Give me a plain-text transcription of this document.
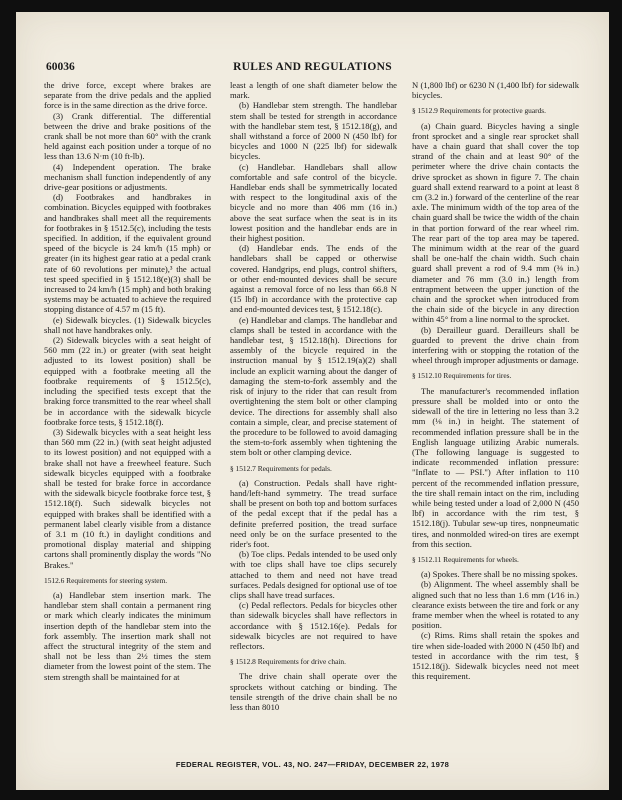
60036	RULES AND REGULATIONS

the drive force, except where brakes are separate from the drive pedals and the applied force is in the same direction as the drive force.

(3) Crank differential. The differential between the drive and brake positions of the crank shall be not more than 60° with the crank held against each position under a torque of no less than 13.6 N·m (10 ft-lb).

(4) Independent operation. The brake mechanism shall function independently of any drive-gear positions or adjustments.

(d) Footbrakes and handbrakes in combination. Bicycles equipped with footbrakes and handbrakes shall meet all the requirements for footbrakes in § 1512.5(c), including the tests specified. In addition, if the equivalent ground speed of the bicycle is 24 km/h (15 mph) or greater (in its highest gear ratio at a pedal crank rate of 60 revolutions per minute),³ the actual test speed specified in § 1512.18(e)(3) shall be increased to 24 km/h (15 mph) and both braking systems may be actuated to achieve the required stopping distance of 4.57 m (15 ft).

(e) Sidewalk bicycles. (1) Sidewalk bicycles shall not have handbrakes only.

(2) Sidewalk bicycles with a seat height of 560 mm (22 in.) or greater (with seat height adjusted to its lowest position) shall be equipped with a footbrake meeting all the footbrake requirements of § 1512.5(c), including the specified tests except that the braking force transmitted to the rear wheel shall be in accordance with the sidewalk bicycle footbrake force tests, § 1512.18(f).

(3) Sidewalk bicycles with a seat height less than 560 mm (22 in.) (with seat height adjusted to its lowest position) and not equipped with a brake shall not have a freewheel feature. Such sidewalk bicycles equipped with a footbrake shall be tested for brake force in accordance with the sidewalk bicycle footbrake force test, § 1512.18(f). Such sidewalk bicycles not equipped with brakes shall be identified with a permanent label clearly visible from a distance of 3.1 m (10 ft.) in daylight conditions and promotional display material and shipping cartons shall prominently display the words "No Brakes."

1512.6 Requirements for steering system.

(a) Handlebar stem insertion mark. The handlebar stem shall contain a permanent ring or mark which clearly indicates the minimum insertion depth of the handlebar stem into the fork assembly. The insertion mark shall not affect the structural integrity of the stem and shall not be less than 2½ times the stem diameter from the lowest point of the stem. The stem strength shall be maintained for at

least a length of one shaft diameter below the mark.

(b) Handlebar stem strength. The handlebar stem shall be tested for strength in accordance with the handlebar stem test, § 1512.18(g), and shall withstand a force of 2000 N (450 lbf) for bicycles and 1000 N (225 lbf) for sidewalk bicycles.

(c) Handlebar. Handlebars shall allow comfortable and safe control of the bicycle. Handlebar ends shall be symmetrically located with respect to the longitudinal axis of the bicycle and no more than 406 mm (16 in.) above the seat surface when the seat is in its lowest position and the handlebar ends are in their highest position.

(d) Handlebar ends. The ends of the handlebars shall be capped or otherwise covered. Handgrips, end plugs, control shifters, or other end-mounted devices shall be secure against a removal force of no less than 66.8 N (15 lbf) in accordance with the protective cap and end-mounted devices test, § 1512.18(c).

(e) Handlebar and clamps. The handlebar and clamps shall be tested in accordance with the handlebar test, § 1512.18(h). Directions for assembly of the bicycle required in the instruction manual by § 1512.19(a)(2) shall include an explicit warning about the danger of damaging the stem-to-fork assembly and the risk of injury to the rider that can result from overtightening the stem bolt or other clamping device. The directions for assembly shall also contain a simple, clear, and precise statement of the procedure to be followed to avoid damaging the stem-to-fork assembly when tightening the stem bolt or other clamping device.

§ 1512.7 Requirements for pedals.

(a) Construction. Pedals shall have right-hand/left-hand symmetry. The tread surface shall be present on both top and bottom surfaces of the pedal except that if the pedal has a definite preferred position, the tread surface need only be on the surface presented to the rider's foot.

(b) Toe clips. Pedals intended to be used only with toe clips shall have toe clips securely attached to them and need not have tread surfaces. Pedals designed for optional use of toe clips shall have tread surfaces.

(c) Pedal reflectors. Pedals for bicycles other than sidewalk bicycles shall have reflectors in accordance with § 1512.16(e). Pedals for sidewalk bicycles are not required to have reflectors.

§ 1512.8 Requirements for drive chain.

The drive chain shall operate over the sprockets without catching or binding. The tensile strength of the drive chain shall be no less than 8010

N (1,800 lbf) or 6230 N (1,400 lbf) for sidewalk bicycles.

§ 1512.9 Requirements for protective guards.

(a) Chain guard. Bicycles having a single front sprocket and a single rear sprocket shall have a chain guard that shall cover the top strand of the chain and at least 90° of the perimeter where the drive chain contacts the drive sprocket as shown in figure 7. The chain guard shall extend rearward to a point at least 8 cm (3.2 in.) forward of the centerline of the rear axle. The minimum width of the top area of the chain guard shall be twice the width of the chain in that portion forward of the rear wheel rim. The rear part of the top area may be tapered. The minimum width at the rear of the guard shall be one-half the chain width. Such chain guard shall prevent a rod of 9.4 mm (⅜ in.) diameter and 76 mm (3.0 in.) length from entrapment between the upper junction of the chain and the sprocket when introduced from the chain side of the bicycle in any direction within 45° from a line normal to the sprocket.

(b) Derailleur guard. Derailleurs shall be guarded to prevent the drive chain from interfering with or stopping the rotation of the wheel through improper adjustments or damage.

§ 1512.10 Requirements for tires.

The manufacturer's recommended inflation pressure shall be molded into or onto the sidewall of the tire in lettering no less than 3.2 mm (⅛ in.) in height. The statement of recommended inflation pressure shall be in the English language utilizing Arabic numerals. (The following language is suggested to indicate recommended inflation pressure: "Inflate to — PSI.") After inflation to 110 percent of the recommended inflation pressure, the tire shall remain intact on the rim, including while being tested under a load of 2,000 N (450 lbf) in accordance with the rim test, § 1512.18(j). Tubular sew-up tires, nonpneumatic tires, and nonmolded wired-on tires are exempt from this section.

§ 1512.11 Requirements for wheels.

(a) Spokes. There shall be no missing spokes.

(b) Alignment. The wheel assembly shall be aligned such that no less than 1.6 mm (1⁄16 in.) clearance exists between the tire and fork or any frame member when the wheel is rotated to any position.

(c) Rims. Rims shall retain the spokes and tire when side-loaded with 2000 N (450 lbf) and tested in accordance with the rim test, § 1512.18(j). Sidewalk bicycles need not meet this requirement.

FEDERAL REGISTER, VOL. 43, NO. 247—FRIDAY, DECEMBER 22, 1978
